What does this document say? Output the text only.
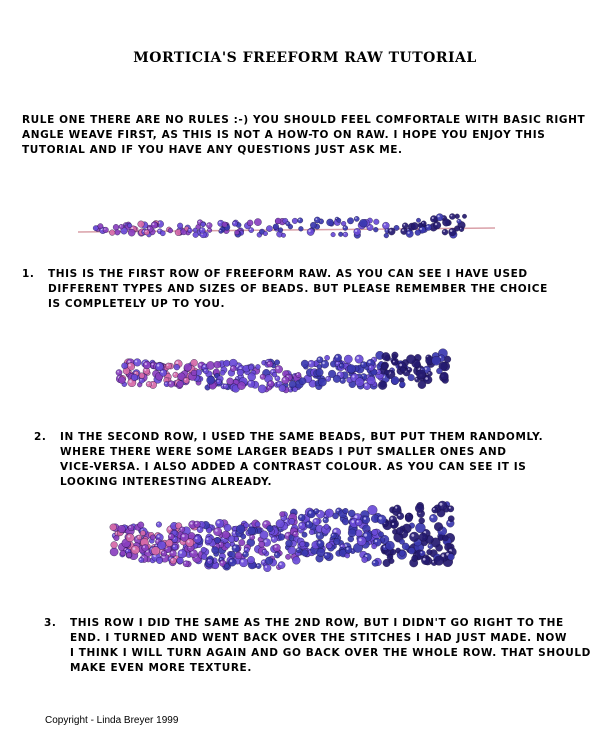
MORTICIA'S FREEFORM RAW TUTORIAL
RULE ONE THERE ARE NO RULES :-) YOU SHOULD FEEL COMFORTALE WITH BASIC RIGHT
ANGLE WEAVE FIRST, AS THIS IS NOT A HOW-TO ON RAW. I HOPE YOU ENJOY THIS
TUTORIAL AND IF YOU HAVE ANY QUESTIONS JUST ASK ME.
1. THIS IS THE FIRST ROW OF FREEFORM RAW. AS YOU CAN SEE I HAVE USED
DIFFERENT TYPES AND SIZES OF BEADS. BUT PLEASE REMEMBER THE CHOICE
IS COMPLETELY UP TO YOU.
2. IN THE SECOND ROW, I USED THE SAME BEADS, BUT PUT THEM RANDOMLY.
WHERE THERE WERE SOME LARGER BEADS I PUT SMALLER ONES AND
VICE-VERSA. I ALSO ADDED A CONTRAST COLOUR. AS YOU CAN SEE IT IS
LOOKING INTERESTING ALREADY.
3. THIS ROW I DID THE SAME AS THE 2ND ROW, BUT I DIDN'T GO RIGHT TO THE
END. I TURNED AND WENT BACK OVER THE STITCHES I HAD JUST MADE. NOW
I THINK I WILL TURN AGAIN AND GO BACK OVER THE WHOLE ROW. THAT SHOULD
MAKE EVEN MORE TEXTURE.
Copyright - Linda Breyer 1999
